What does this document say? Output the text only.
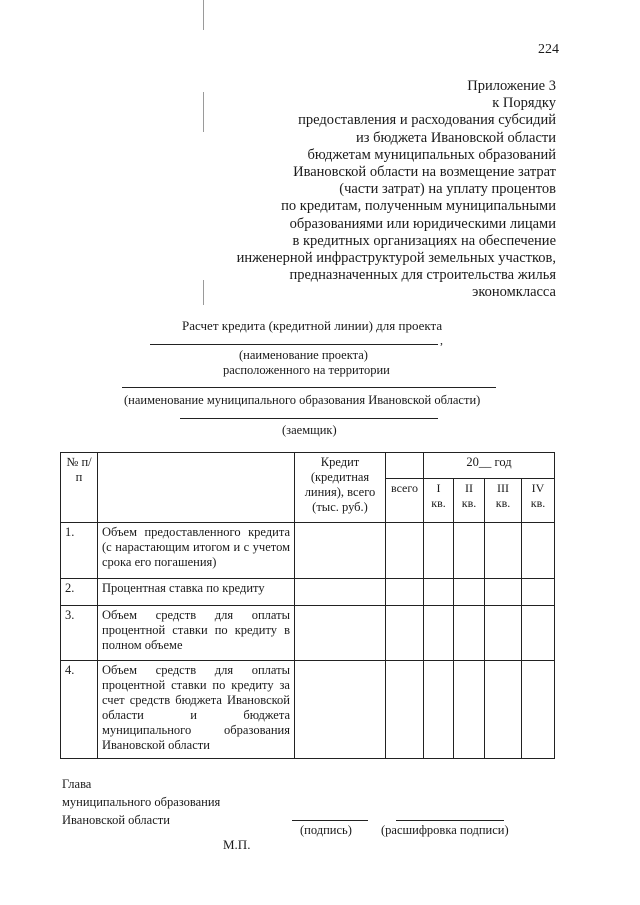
224
Приложение 3
к Порядку
предоставления и расходования субсидий
из бюджета Ивановской области
бюджетам муниципальных образований
Ивановской области на возмещение затрат
(части затрат) на уплату процентов
по кредитам, полученным муниципальными
образованиями или юридическими лицами
в кредитных организациях на обеспечение
инженерной инфраструктурой земельных участков,
предназначенных для строительства жилья
экономкласса
Расчет кредита (кредитной линии) для проекта
,
(наименование проекта)
расположенного на территории
(наименование муниципального образования Ивановской области)
(заемщик)
№ п/п		Кредит (кредитная линия), всего (тыс. руб.)		20__ год			
			всего	I кв.	II кв.	III кв.	IV кв.
1.	Объем предоставленного кредита (с нарастающим итогом и с учетом срока его погашения)						
2.	Процентная ставка по кредиту						
3.	Объем средств для оплаты процентной ставки по кредиту в полном объеме						
4.	Объем средств для оплаты процентной ставки по кредиту за счет средств бюджета Ивановской области и бюджета муниципального образования Ивановской области						
Глава
муниципального образования
Ивановской области
(подпись) (расшифровка подписи)
М.П.
